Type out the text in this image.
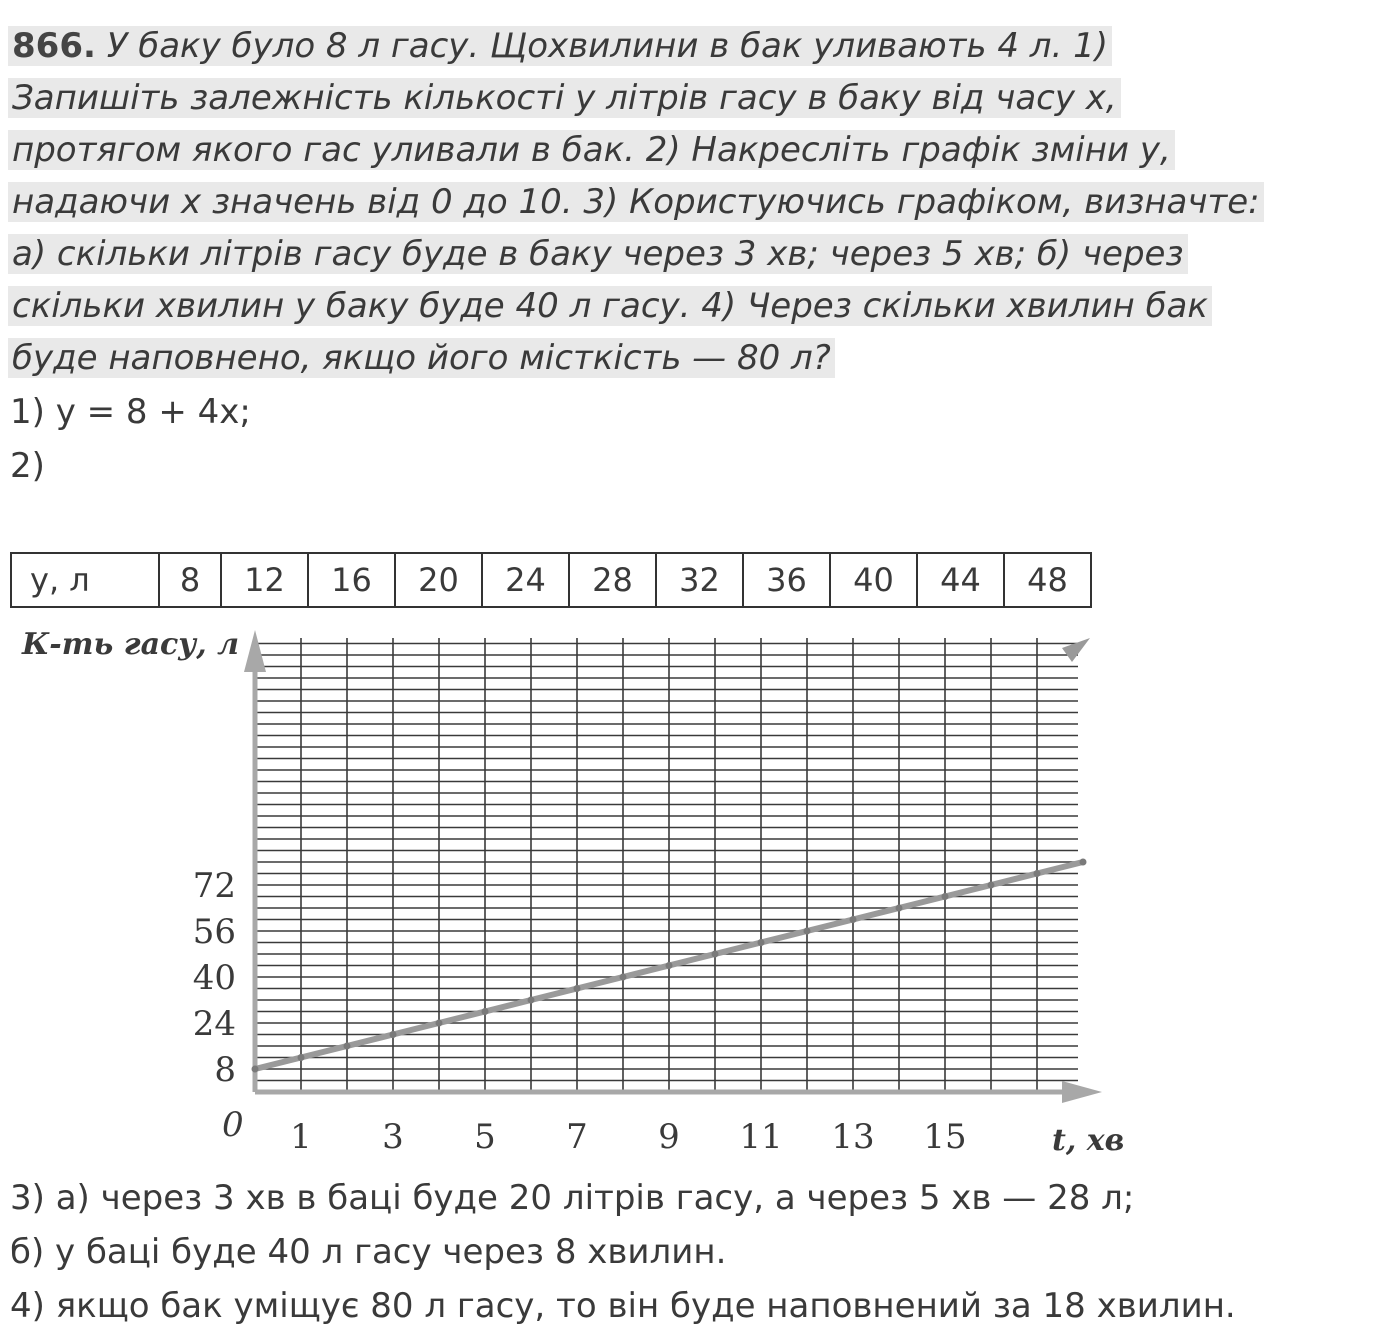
866. У баку було 8 л гасу. Щохвилини в бак уливають 4 л. 1)
Запишіть залежність кількості у літрів гасу в баку від часу х,
протягом якого гас уливали в бак. 2) Накресліть графік зміни у,
надаючи х значень від 0 до 10. 3) Користуючись графіком, визначте:
а) скільки літрів гасу буде в баку через 3 хв; через 5 хв; б) через
скільки хвилин у баку буде 40 л гасу. 4) Через скільки хвилин бак
буде наповнено, якщо його місткість — 80 л?
1) y = 8 + 4x;
2)
y, л	8	12	16	20	24	28	32	36	40	44	48
1 3 5 7 9 11 13 15
8
24
40
56
72
0
К-ть гасу, л
t, хв
3) а) через 3 хв в баці буде 20 літрів гасу, а через 5 хв — 28 л;
б) у баці буде 40 л гасу через 8 хвилин.
4) якщо бак уміщує 80 л гасу, то він буде наповнений за 18 хвилин.
